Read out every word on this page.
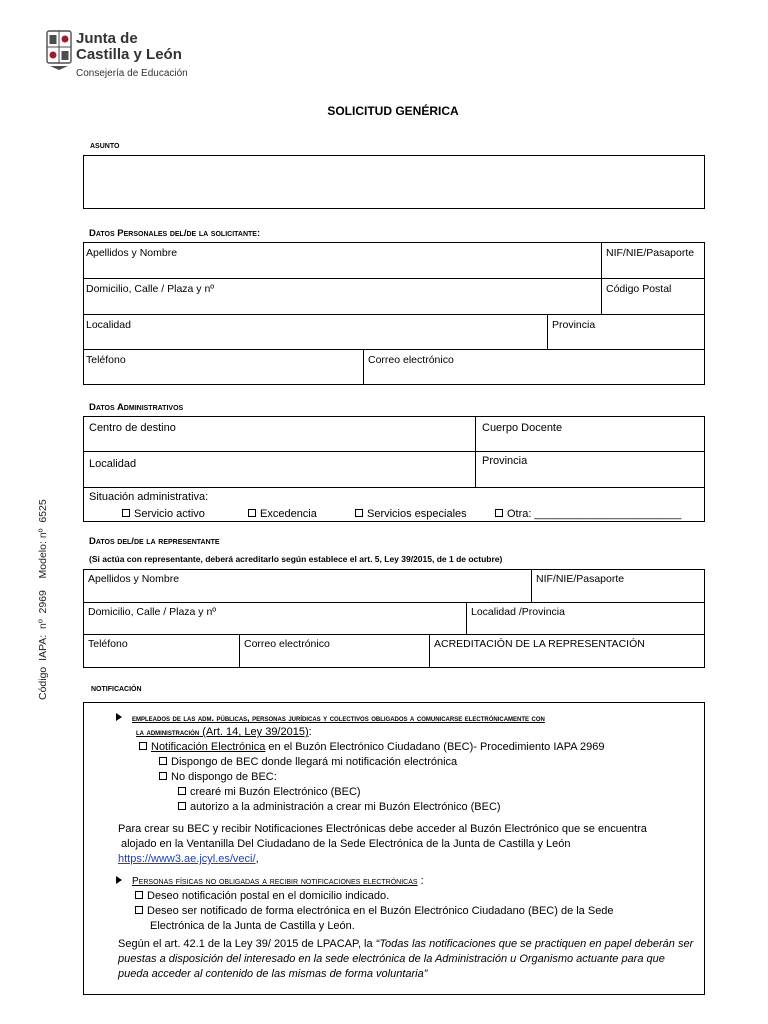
Junta de
Castilla y León
Consejería de Educación
Código  IAPA:  nº  2969    Modelo: nº  6525
SOLICITUD GENÉRICA
asunto
Datos Personales del/de la solicitante:
Apellidos y Nombre	NIF/NIE/Pasaporte
Domicilio, Calle / Plaza y nº	Código Postal
Localidad	Provincia
Teléfono	Correo electrónico
Datos Administrativos
Centro de destino	Cuerpo Docente
Localidad	Provincia
Situación administrativa:
Servicio activo	Excedencia	Servicios especiales	Otra: ________________________
Datos del/de la representante
(Si actúa con representante, deberá acreditarlo según establece el art. 5, Ley 39/2015, de 1 de octubre)
Apellidos y Nombre	NIF/NIE/Pasaporte
Domicilio, Calle / Plaza y nº	Localidad /Provincia
Teléfono	Correo electrónico	ACREDITACIÓN DE LA REPRESENTACIÓN
notificación
empleados de las adm. públicas, personas jurídicas y colectivos obligados a comunicarse electrónicamente con
la administración (Art. 14, Ley 39/2015):
Notificación Electrónica en el Buzón Electrónico Ciudadano (BEC)- Procedimiento IAPA 2969
Dispongo de BEC donde llegará mi notificación electrónica
No dispongo de BEC:
crearé mi Buzón Electrónico (BEC)
autorizo a la administración a crear mi Buzón Electrónico (BEC)
Para crear su BEC y recibir Notificaciones Electrónicas debe acceder al Buzón Electrónico que se encuentra
alojado en la Ventanilla Del Ciudadano de la Sede Electrónica de la Junta de Castilla y León
https://www3.ae.jcyl.es/veci/,
Personas físicas no obligadas a recibir notificaciones electrónicas :
Deseo notificación postal en el domicilio indicado.
Deseo ser notificado de forma electrónica en el Buzón Electrónico Ciudadano (BEC) de la Sede
Electrónica de la Junta de Castilla y León.
Según el art. 42.1 de la Ley 39/ 2015 de LPACAP, la “Todas las notificaciones que se practiquen en papel deberán ser
puestas a disposición del interesado en la sede electrónica de la Administración u Organismo actuante para que
pueda acceder al contenido de las mismas de forma voluntaria”
